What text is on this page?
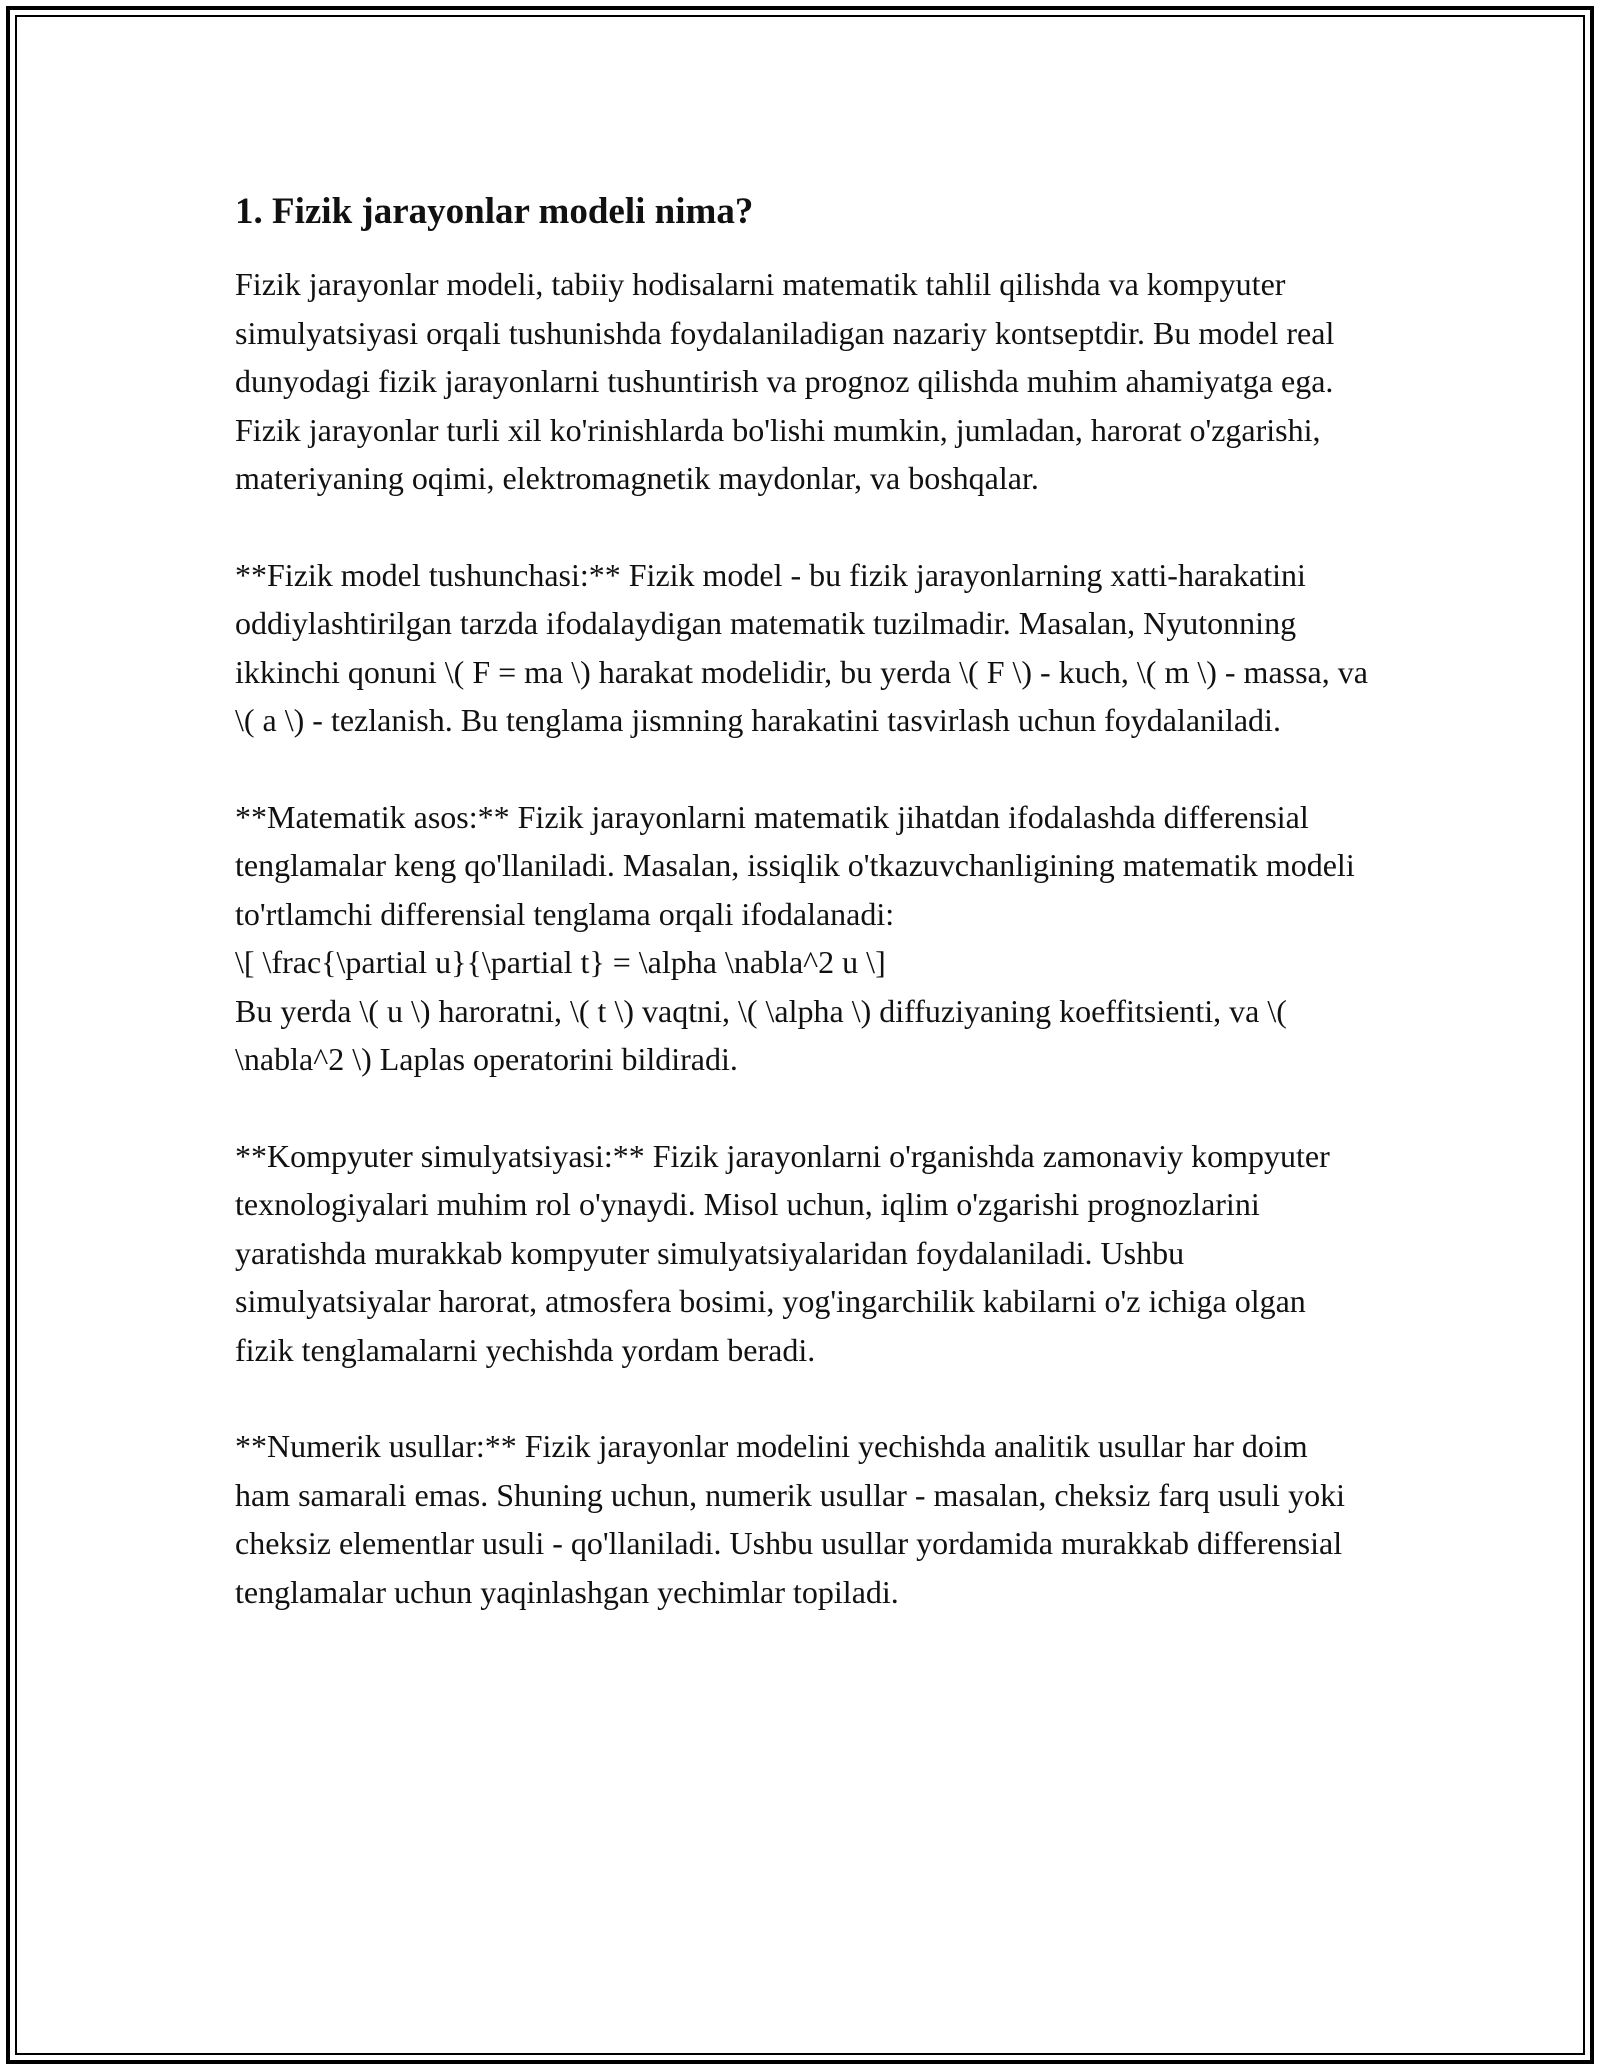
1. Fizik jarayonlar modeli nima?

Fizik jarayonlar modeli, tabiiy hodisalarni matematik tahlil qilishda va kompyuter simulyatsiyasi orqali tushunishda foydalaniladigan nazariy kontseptdir. Bu model real dunyodagi fizik jarayonlarni tushuntirish va prognoz qilishda muhim ahamiyatga ega. Fizik jarayonlar turli xil ko'rinishlarda bo'lishi mumkin, jumladan, harorat o'zgarishi, materiyaning oqimi, elektromagnetik maydonlar, va boshqalar.

**Fizik model tushunchasi:** Fizik model - bu fizik jarayonlarning xatti-harakatini oddiylashtirilgan tarzda ifodalaydigan matematik tuzilmadir. Masalan, Nyutonning ikkinchi qonuni \( F = ma \) harakat modelidir, bu yerda \( F \) - kuch, \( m \) - massa, va \( a \) - tezlanish. Bu tenglama jismning harakatini tasvirlash uchun foydalaniladi.

**Matematik asos:** Fizik jarayonlarni matematik jihatdan ifodalashda differensial tenglamalar keng qo'llaniladi. Masalan, issiqlik o'tkazuvchanligining matematik modeli to'rtlamchi differensial tenglama orqali ifodalanadi:
\[ \frac{\partial u}{\partial t} = \alpha \nabla^2 u \]
Bu yerda \( u \) haroratni, \( t \) vaqtni, \( \alpha \) diffuziyaning koeffitsienti, va \( \nabla^2 \) Laplas operatorini bildiradi.

**Kompyuter simulyatsiyasi:** Fizik jarayonlarni o'rganishda zamonaviy kompyuter texnologiyalari muhim rol o'ynaydi. Misol uchun, iqlim o'zgarishi prognozlarini yaratishda murakkab kompyuter simulyatsiyalaridan foydalaniladi. Ushbu simulyatsiyalar harorat, atmosfera bosimi, yog'ingarchilik kabilarni o'z ichiga olgan fizik tenglamalarni yechishda yordam beradi.

**Numerik usullar:** Fizik jarayonlar modelini yechishda analitik usullar har doim ham samarali emas. Shuning uchun, numerik usullar - masalan, cheksiz farq usuli yoki cheksiz elementlar usuli - qo'llaniladi. Ushbu usullar yordamida murakkab differensial tenglamalar uchun yaqinlashgan yechimlar topiladi.
